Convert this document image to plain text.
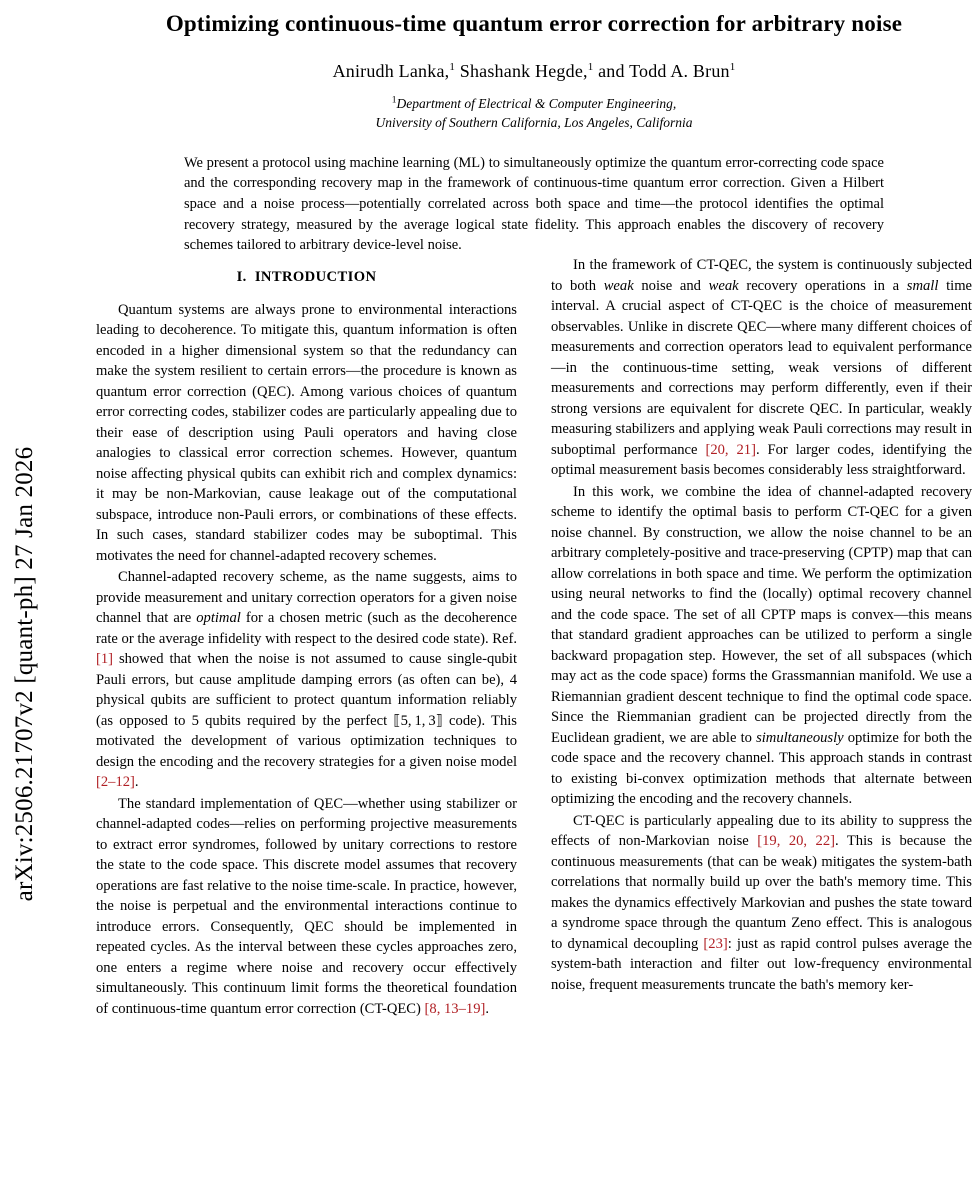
arXiv:2506.21707v2 [quant-ph] 27 Jan 2026
Optimizing continuous-time quantum error correction for arbitrary noise
Anirudh Lanka,$^1$ Shashank Hegde,$^1$ and Todd A. Brun$^1$
$^1$Department of Electrical & Computer Engineering,
University of Southern California, Los Angeles, California
We present a protocol using machine learning (ML) to simultaneously optimize the quantum error-correcting code space and the corresponding recovery map in the framework of continuous-time quantum error correction. Given a Hilbert space and a noise process—potentially correlated across both space and time—the protocol identifies the optimal recovery strategy, measured by the average logical state fidelity. This approach enables the discovery of recovery schemes tailored to arbitrary device-level noise.
I. INTRODUCTION

Quantum systems are always prone to environmental interactions leading to decoherence. To mitigate this, quantum information is often encoded in a higher dimensional system so that the redundancy can make the system resilient to certain errors—the procedure is known as quantum error correction (QEC). Among various choices of quantum error correcting codes, stabilizer codes are particularly appealing due to their ease of description using Pauli operators and having close analogies to classical error correction schemes. However, quantum noise affecting physical qubits can exhibit rich and complex dynamics: it may be non-Markovian, cause leakage out of the computational subspace, introduce non-Pauli errors, or combinations of these effects. In such cases, standard stabilizer codes may be suboptimal. This motivates the need for channel-adapted recovery schemes.

Channel-adapted recovery scheme, as the name suggests, aims to provide measurement and unitary correction operators for a given noise channel that are optimal for a chosen metric (such as the decoherence rate or the average infidelity with respect to the desired code state). Ref. [1] showed that when the noise is not assumed to cause single-qubit Pauli errors, but cause amplitude damping errors (as often can be), 4 physical qubits are sufficient to protect quantum information reliably (as opposed to 5 qubits required by the perfect ⟦5, 1, 3⟧ code). This motivated the development of various optimization techniques to design the encoding and the recovery strategies for a given noise model [2–12].

The standard implementation of QEC—whether using stabilizer or channel-adapted codes—relies on performing projective measurements to extract error syndromes, followed by unitary corrections to restore the state to the code space. This discrete model assumes that recovery operations are fast relative to the noise time-scale. In practice, however, the noise is perpetual and the environmental interactions continue to introduce errors. Consequently, QEC should be implemented in repeated cycles. As the interval between these cycles approaches zero, one enters a regime where noise and recovery occur effectively simultaneously. This continuum limit forms the theoretical foundation of continuous-time quantum error correction (CT-QEC) [8, 13–19].

In the framework of CT-QEC, the system is continuously subjected to both weak noise and weak recovery operations in a small time interval. A crucial aspect of CT-QEC is the choice of measurement observables. Unlike in discrete QEC—where many different choices of measurements and correction operators lead to equivalent performance—in the continuous-time setting, weak versions of different measurements and corrections may perform differently, even if their strong versions are equivalent for discrete QEC. In particular, weakly measuring stabilizers and applying weak Pauli corrections may result in suboptimal performance [20, 21]. For larger codes, identifying the optimal measurement basis becomes considerably less straightforward.

In this work, we combine the idea of channel-adapted recovery scheme to identify the optimal basis to perform CT-QEC for a given noise channel. By construction, we allow the noise channel to be an arbitrary completely-positive and trace-preserving (CPTP) map that can allow correlations in both space and time. We perform the optimization using neural networks to find the (locally) optimal recovery channel and the code space. The set of all CPTP maps is convex—this means that standard gradient approaches can be utilized to perform a single backward propagation step. However, the set of all subspaces (which may act as the code space) forms the Grassmannian manifold. We use a Riemannian gradient descent technique to find the optimal code space. Since the Riemmanian gradient can be projected directly from the Euclidean gradient, we are able to simultaneously optimize for both the code space and the recovery channel. This approach stands in contrast to existing bi-convex optimization methods that alternate between optimizing the encoding and the recovery channels.

CT-QEC is particularly appealing due to its ability to suppress the effects of non-Markovian noise [19, 20, 22]. This is because the continuous measurements (that can be weak) mitigates the system-bath correlations that normally build up over the bath's memory time. This makes the dynamics effectively Markovian and pushes the state toward a syndrome space through the quantum Zeno effect. This is analogous to dynamical decoupling [23]: just as rapid control pulses average the system-bath interaction and filter out low-frequency environmental noise, frequent measurements truncate the bath's memory ker-
